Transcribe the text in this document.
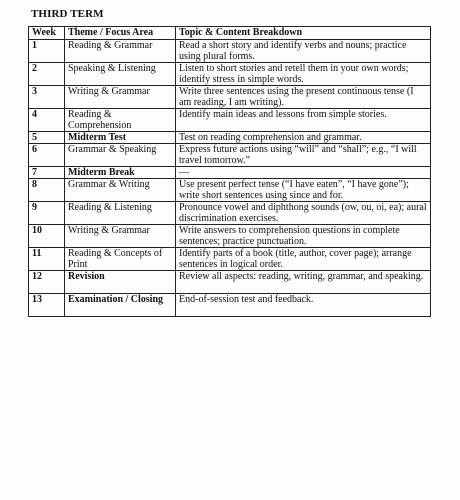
THIRD TERM
Week	Theme / Focus Area	Topic & Content Breakdown
1	Reading & Grammar	Read a short story and identify verbs and nouns; practice using plural forms.
2	Speaking & Listening	Listen to short stories and retell them in your own words; identify stress in simple words.
3	Writing & Grammar	Write three sentences using the present continuous tense (I am reading, I am writing).
4	Reading & Comprehension	Identify main ideas and lessons from simple stories.
5	Midterm Test	Test on reading comprehension and grammar.
6	Grammar & Speaking	Express future actions using “will” and “shall”; e.g., “I will travel tomorrow.”
7	Midterm Break	—
8	Grammar & Writing	Use present perfect tense (“I have eaten”, “I have gone”); write short sentences using since and for.
9	Reading & Listening	Pronounce vowel and diphthong sounds (ow, ou, oi, ea); aural discrimination exercises.
10	Writing & Grammar	Write answers to comprehension questions in complete sentences; practice punctuation.
11	Reading & Concepts of Print	Identify parts of a book (title, author, cover page); arrange sentences in logical order.
12	Revision	Review all aspects: reading, writing, grammar, and speaking.
13	Examination / Closing	End-of-session test and feedback.
